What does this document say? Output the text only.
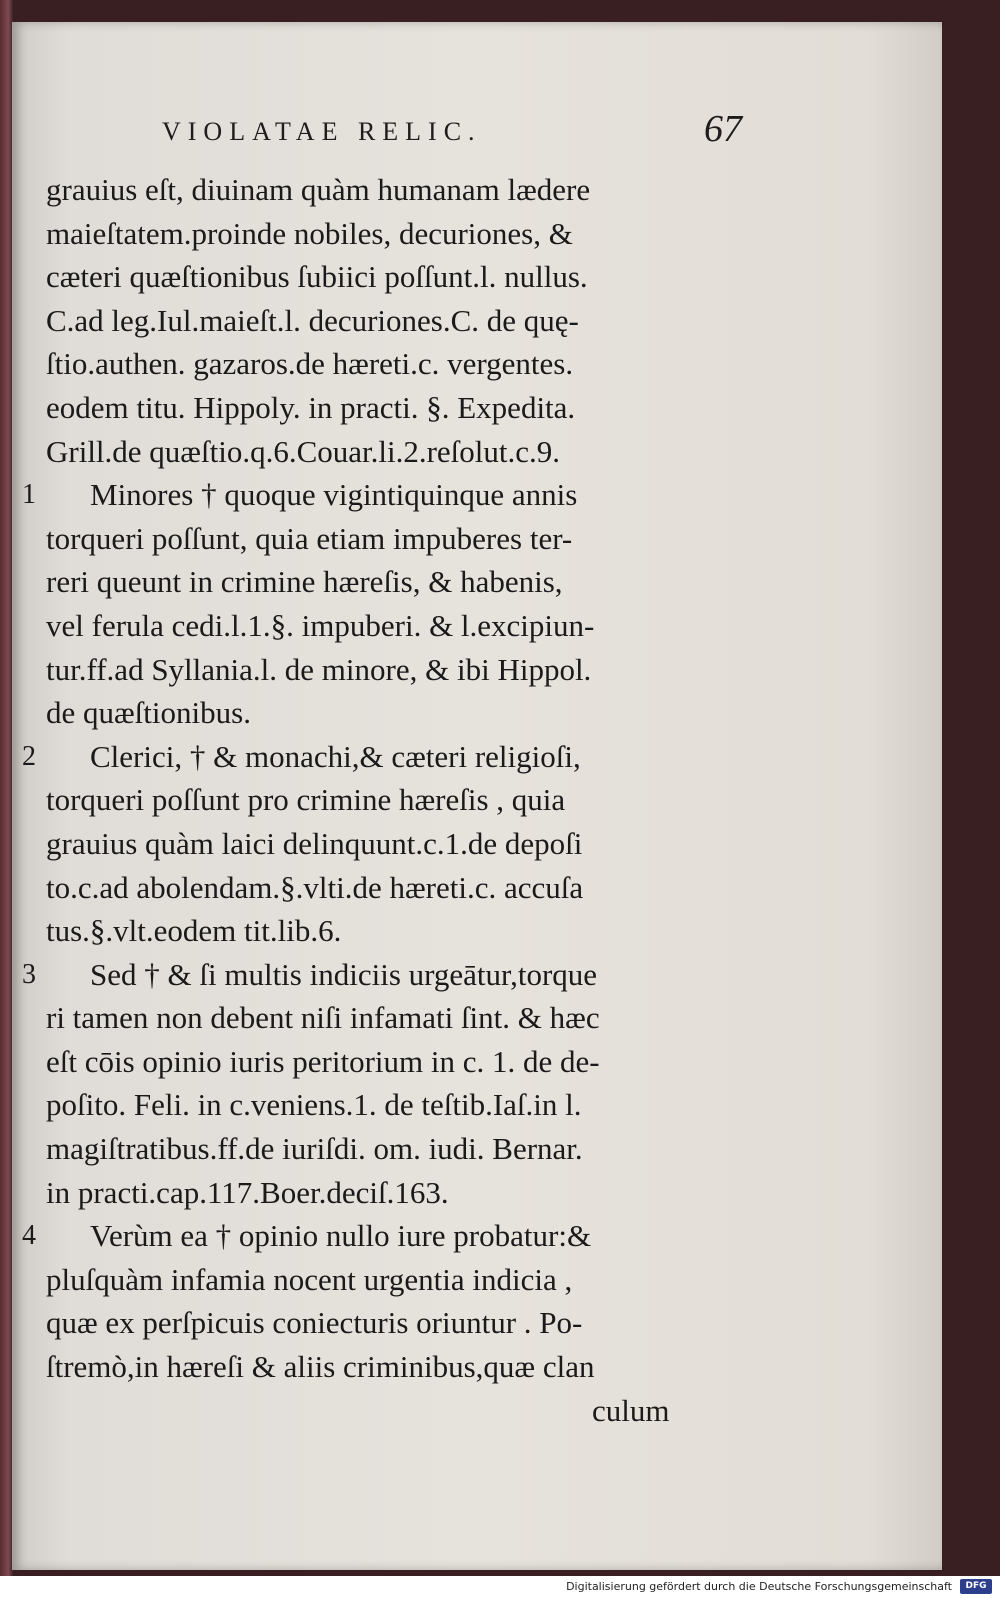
VIOLATAE RELIC.	67
grauius eſt, diuinam quàm humanam lædere
maieſtatem.proinde nobiles, decuriones, &
cæteri quæſtionibus ſubiici poſſunt.l. nullus.
C.ad leg.Iul.maieſt.l. decuriones.C. de quę-
ſtio.authen. gazaros.de hæreti.c. vergentes.
eodem titu. Hippoly. in practi. §. Expedita.
Grill.de quæſtio.q.6.Couar.li.2.reſolut.c.9.
1	Minores † quoque vigintiquinque annis
torqueri poſſunt, quia etiam impuberes ter-
reri queunt in crimine hæreſis, & habenis,
vel ferula cedi.l.1.§. impuberi. & l.excipiun-
tur.ff.ad Syllania.l. de minore, & ibi Hippol.
de quæſtionibus.
2	Clerici, † & monachi,& cæteri religioſi,
torqueri poſſunt pro crimine hæreſis , quia
grauius quàm laici delinquunt.c.1.de depoſi
to.c.ad abolendam.§.vlti.de hæreti.c. accuſa
tus.§.vlt.eodem tit.lib.6.
3	Sed † & ſi multis indiciis urgeātur,torque
ri tamen non debent niſi infamati ſint. & hæc
eſt cōis opinio iuris peritorium in c. 1. de de-
poſito. Feli. in c.veniens.1. de teſtib.Iaſ.in l.
magiſtratibus.ff.de iuriſdi. om. iudi. Bernar.
in practi.cap.117.Boer.deciſ.163.
4	Verùm ea † opinio nullo iure probatur:&
pluſquàm infamia nocent urgentia indicia ,
quæ ex perſpicuis coniecturis oriuntur . Po-
ſtremò,in hæreſi & aliis criminibus,quæ clan
culum
Digitalisierung gefördert durch die Deutsche Forschungsgemeinschaft	DFG
